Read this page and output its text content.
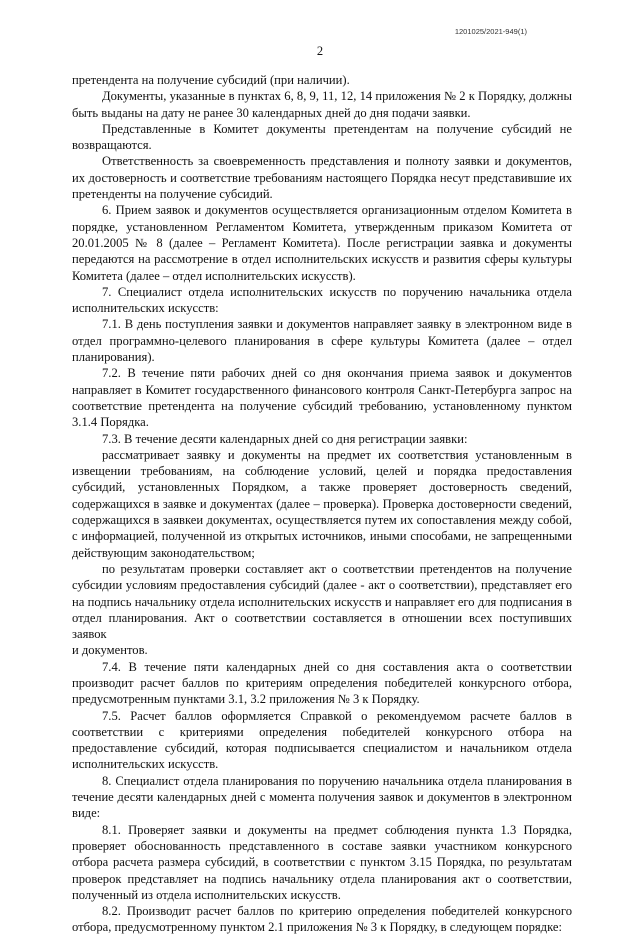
1201025/2021-949(1)
2

претендента на получение субсидий (при наличии).

Документы, указанные в пунктах 6, 8, 9, 11, 12, 14 приложения № 2 к Порядку, должны быть выданы на дату не ранее 30 календарных дней до дня подачи заявки.

Представленные в Комитет документы претендентам на получение субсидий не возвращаются.

Ответственность за своевременность представления и полноту заявки и документов, их достоверность и соответствие требованиям настоящего Порядка несут представившие их претенденты на получение субсидий.

6. Прием заявок и документов осуществляется организационным отделом Комитета в порядке, установленном Регламентом Комитета, утвержденным приказом Комитета от 20.01.2005 № 8 (далее – Регламент Комитета). После регистрации заявка и документы передаются на рассмотрение в отдел исполнительских искусств и развития сферы культуры Комитета (далее – отдел исполнительских искусств).

7. Специалист отдела исполнительских искусств по поручению начальника отдела исполнительских искусств:

7.1. В день поступления заявки и документов направляет заявку в электронном виде в отдел программно-целевого планирования в сфере культуры Комитета (далее – отдел планирования).

7.2. В течение пяти рабочих дней со дня окончания приема заявок и документов направляет в Комитет государственного финансового контроля Санкт-Петербурга запрос на соответствие претендента на получение субсидий требованию, установленному пунктом 3.1.4 Порядка.

7.3. В течение десяти календарных дней со дня регистрации заявки:

рассматривает заявку и документы на предмет их соответствия установленным в извещении требованиям, на соблюдение условий, целей и порядка предоставления субсидий, установленных Порядком, а также проверяет достоверность сведений, содержащихся в заявке и документах (далее – проверка). Проверка достоверности сведений, содержащихся в заявкеи документах, осуществляется путем их сопоставления между собой, с информацией, полученной из открытых источников, иными способами, не запрещенными действующим законодательством;

по результатам проверки составляет акт о соответствии претендентов на получение субсидии условиям предоставления субсидий (далее - акт о соответствии), представляет его на подпись начальнику отдела исполнительских искусств и направляет его для подписания в отдел планирования. Акт о соответствии составляется в отношении всех поступивших заявок

и документов.

7.4. В течение пяти календарных дней со дня составления акта о соответствии производит расчет баллов по критериям определения победителей конкурсного отбора, предусмотренным пунктами 3.1, 3.2 приложения № 3 к Порядку.

7.5. Расчет баллов оформляется Справкой о рекомендуемом расчете баллов в соответствии с критериями определения победителей конкурсного отбора на предоставление субсидий, которая подписывается специалистом и начальником отдела исполнительских искусств.

8. Специалист отдела планирования по поручению начальника отдела планирования в течение десяти календарных дней с момента получения заявок и документов в электронном виде:

8.1. Проверяет заявки и документы на предмет соблюдения пункта 1.3 Порядка, проверяет обоснованность представленного в составе заявки участником конкурсного отбора расчета размера субсидий, в соответствии с пунктом 3.15 Порядка, по результатам проверок представляет на подпись начальнику отдела планирования акт о соответствии, полученный из отдела исполнительских искусств.

8.2. Производит расчет баллов по критерию определения победителей конкурсного отбора, предусмотренному пунктом 2.1 приложения № 3 к Порядку, в следующем порядке:
